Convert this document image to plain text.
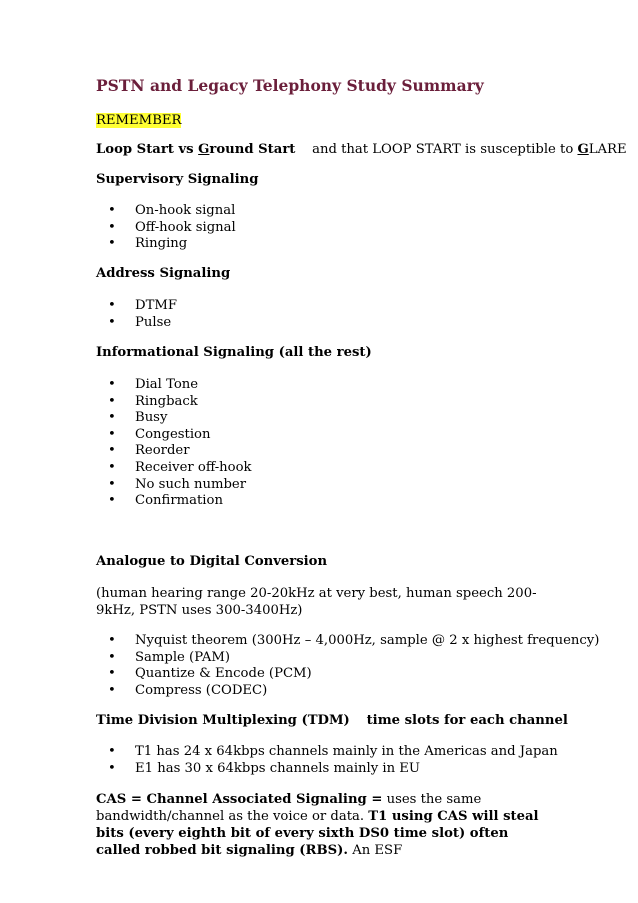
PSTN and Legacy Telephony Study Summary

REMEMBER

Loop Start vs Ground Start and that LOOP START is susceptible to GLARE

Supervisory Signaling

• On-hook signal
• Off-hook signal
• Ringing

Address Signaling

• DTMF
• Pulse

Informational Signaling (all the rest)

• Dial Tone
• Ringback
• Busy
• Congestion
• Reorder
• Receiver off-hook
• No such number
• Confirmation

Analogue to Digital Conversion

(human hearing range 20-20kHz at very best, human speech 200-9kHz, PSTN uses 300-3400Hz)

• Nyquist theorem (300Hz – 4,000Hz, sample @ 2 x highest frequency)
• Sample (PAM)
• Quantize & Encode (PCM)
• Compress (CODEC)

Time Division Multiplexing (TDM) time slots for each channel

• T1 has 24 x 64kbps channels mainly in the Americas and Japan
• E1 has 30 x 64kbps channels mainly in EU

CAS = Channel Associated Signaling = uses the same bandwidth/channel as the voice or data. T1 using CAS will steal bits (every eighth bit of every sixth DS0 time slot) often called robbed bit signaling (RBS). An ESF
